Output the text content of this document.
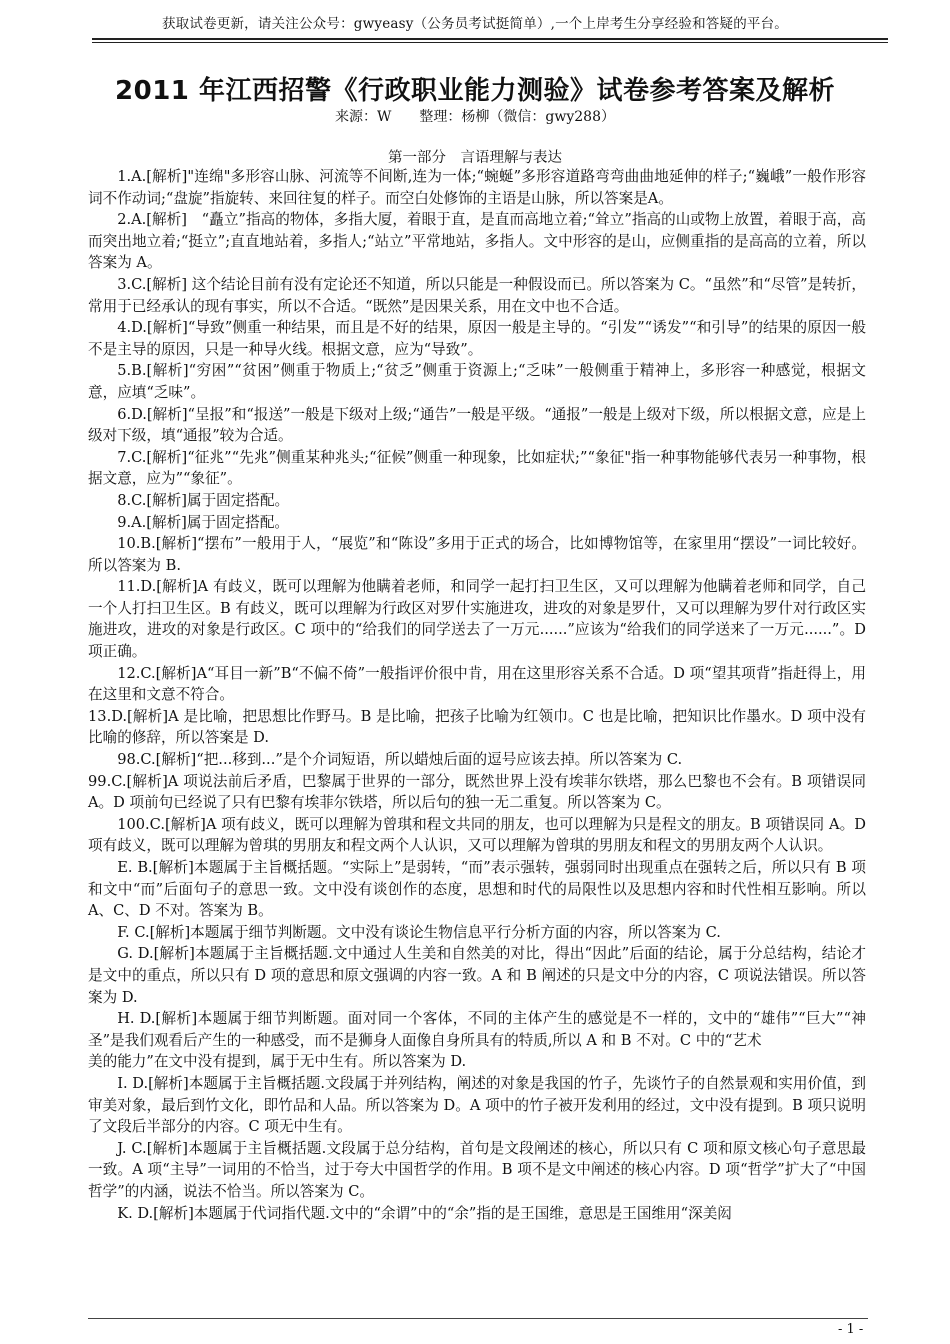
获取试卷更新，请关注公众号：gwyeasy（公务员考试挺简单）,一个上岸考生分享经验和答疑的平台。
2011 年江西招警《行政职业能力测验》试卷参考答案及解析
来源：W　　整理：杨柳（微信：gwy288）
第一部分　言语理解与表达

1.A.[解析]"连绵"多形容山脉、河流等不间断,连为一体;“蜿蜒”多形容道路弯弯曲曲地延伸的样子;“巍峨”一般作形容词不作动词;“盘旋”指旋转、来回往复的样子。而空白处修饰的主语是山脉，所以答案是A。

2.A.[解析]　“矗立”指高的物体，多指大厦，着眼于直，是直而高地立着;“耸立”指高的山或物上放置，着眼于高，高而突出地立着;“挺立”;直直地站着，多指人;“站立”平常地站，多指人。文中形容的是山，应侧重指的是高高的立着，所以答案为 A。

3.C.[解析] 这个结论目前有没有定论还不知道，所以只能是一种假设而已。所以答案为 C。“虽然”和“尽管”是转折，常用于已经承认的现有事实，所以不合适。“既然”是因果关系，用在文中也不合适。

4.D.[解析]“导致”侧重一种结果，而且是不好的结果，原因一般是主导的。“引发”“诱发”“和引导”的结果的原因一般不是主导的原因，只是一种导火线。根据文意，应为“导致”。

5.B.[解析]“穷困”“贫困”侧重于物质上;“贫乏”侧重于资源上;“乏味”一般侧重于精神上，多形容一种感觉，根据文意，应填“乏味”。

6.D.[解析]“呈报”和“报送”一般是下级对上级;“通告”一般是平级。“通报”一般是上级对下级，所以根据文意，应是上级对下级，填“通报”较为合适。

7.C.[解析]“征兆”“先兆”侧重某种兆头;“征候”侧重一种现象，比如症状;”“象征"指一种事物能够代表另一种事物，根据文意，应为”“象征”。

8.C.[解析]属于固定搭配。

9.A.[解析]属于固定搭配。

10.B.[解析]“摆布”一般用于人，“展览”和“陈设”多用于正式的场合，比如博物馆等，在家里用“摆设”一词比较好。所以答案为 B.

11.D.[解析]A 有歧义，既可以理解为他瞒着老师，和同学一起打扫卫生区，又可以理解为他瞒着老师和同学，自己一个人打扫卫生区。B 有歧义，既可以理解为行政区对罗什实施进攻，进攻的对象是罗什，又可以理解为罗什对行政区实施进攻，进攻的对象是行政区。C 项中的“给我们的同学送去了一万元......”应该为“给我们的同学送来了一万元......”。D 项正确。

12.C.[解析]A“耳目一新”B“不偏不倚”一般指评价很中肯，用在这里形容关系不合适。D 项“望其项背”指赶得上，用在这里和文意不符合。

13.D.[解析]A 是比喻，把思想比作野马。B 是比喻，把孩子比喻为红领巾。C 也是比喻，把知识比作墨水。D 项中没有比喻的修辞，所以答案是 D.

98.C.[解析]“把...移到...”是个介词短语，所以蜡烛后面的逗号应该去掉。所以答案为 C.

99.C.[解析]A 项说法前后矛盾，巴黎属于世界的一部分，既然世界上没有埃菲尔铁塔，那么巴黎也不会有。B 项错误同 A。D 项前句已经说了只有巴黎有埃菲尔铁塔，所以后句的独一无二重复。所以答案为 C。

100.C.[解析]A 项有歧义，既可以理解为曾琪和程文共同的朋友，也可以理解为只是程文的朋友。B 项错误同 A。D 项有歧义，既可以理解为曾琪的男朋友和程文两个人认识，又可以理解为曾琪的男朋友和程文的男朋友两个人认识。

E. B.[解析]本题属于主旨概括题。“实际上”是弱转，“而”表示强转，强弱同时出现重点在强转之后，所以只有 B 项和文中“而”后面句子的意思一致。文中没有谈创作的态度，思想和时代的局限性以及思想内容和时代性相互影响。所以 A、C、D 不对。答案为 B。

F. C.[解析]本题属于细节判断题。文中没有谈论生物信息平行分析方面的内容，所以答案为 C.

G. D.[解析]本题属于主旨概括题.文中通过人生美和自然美的对比，得出“因此”后面的结论，属于分总结构，结论才是文中的重点，所以只有 D 项的意思和原文强调的内容一致。A 和 B 阐述的只是文中分的内容，C 项说法错误。所以答案为 D.

H. D.[解析]本题属于细节判断题。面对同一个客体，不同的主体产生的感觉是不一样的，文中的“雄伟”“巨大”“神圣”是我们观看后产生的一种感受，而不是狮身人面像自身所具有的特质,所以 A 和 B 不对。C 中的“艺术

美的能力”在文中没有提到，属于无中生有。所以答案为 D.

I. D.[解析]本题属于主旨概括题.文段属于并列结构，阐述的对象是我国的竹子，先谈竹子的自然景观和实用价值，到审美对象，最后到竹文化，即竹品和人品。所以答案为 D。A 项中的竹子被开发利用的经过，文中没有提到。B 项只说明了文段后半部分的内容。C 项无中生有。

J. C.[解析]本题属于主旨概括题.文段属于总分结构，首句是文段阐述的核心，所以只有 C 项和原文核心句子意思最一致。A 项“主导”一词用的不恰当，过于夸大中国哲学的作用。B 项不是文中阐述的核心内容。D 项“哲学”扩大了“中国哲学”的内涵，说法不恰当。所以答案为 C。

K. D.[解析]本题属于代词指代题.文中的“余谓”中的“余”指的是王国维，意思是王国维用“深美闳

- 1 -
